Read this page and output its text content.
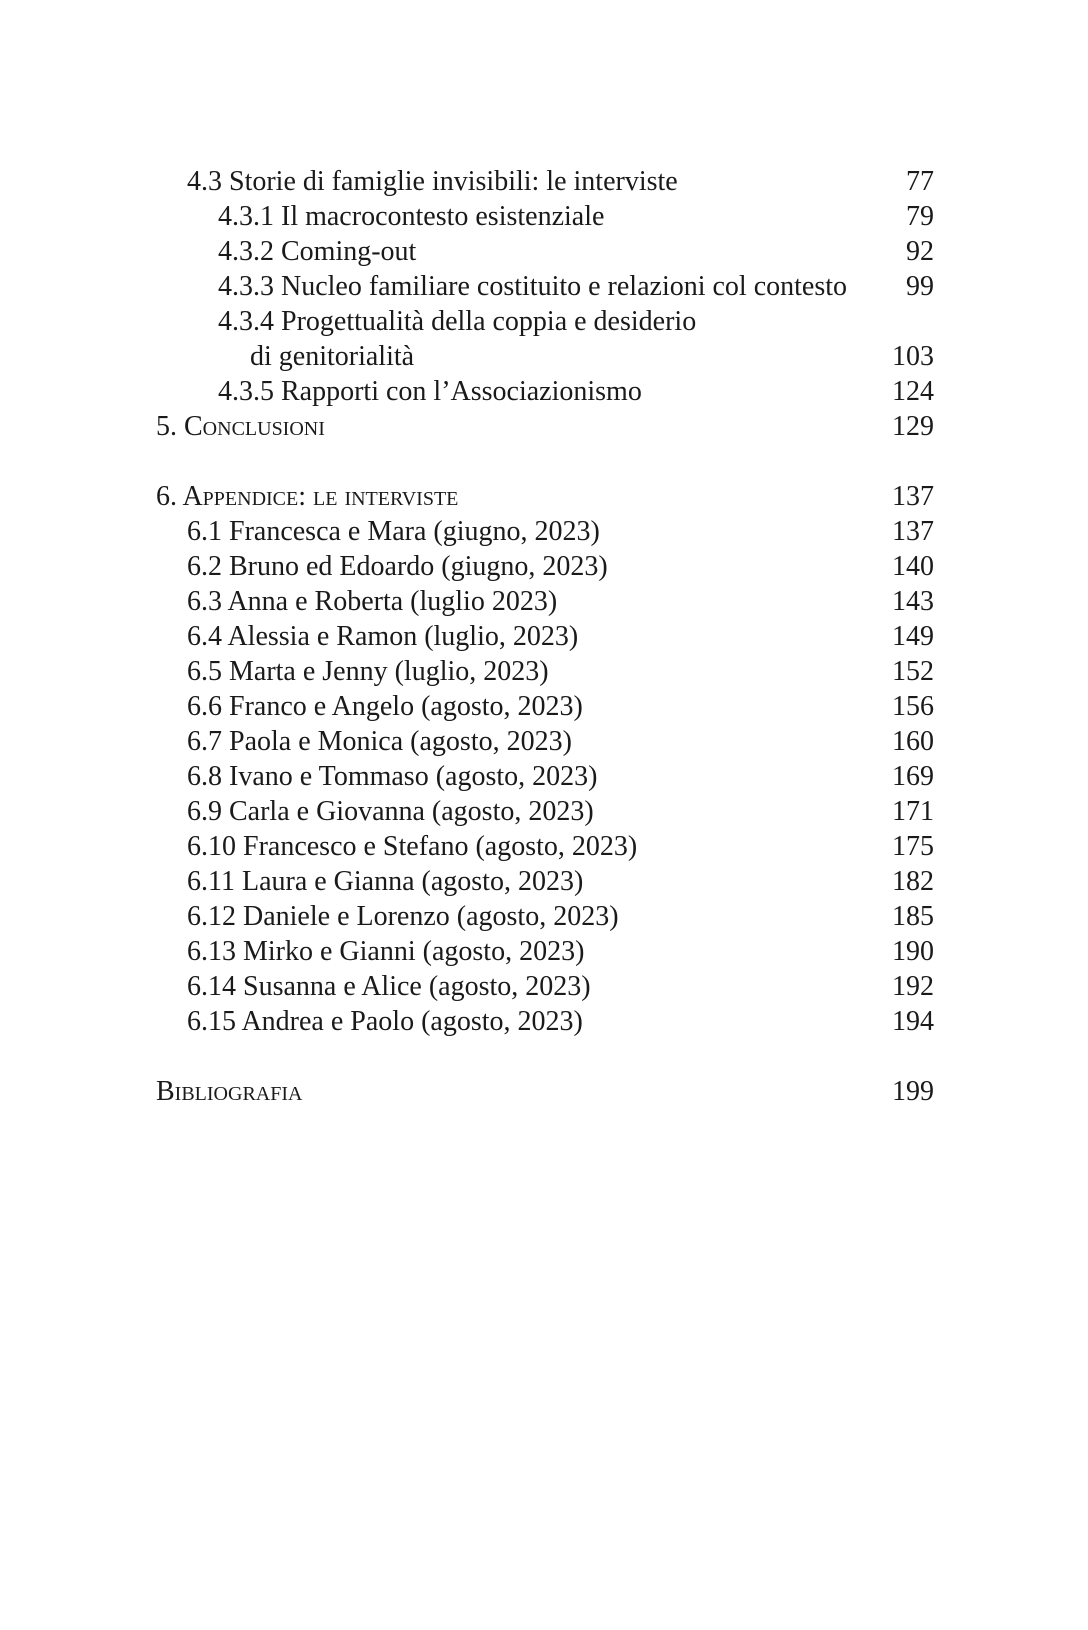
4.3 Storie di famiglie invisibili: le interviste	77
4.3.1 Il macrocontesto esistenziale	79
4.3.2 Coming-out	92
4.3.3 Nucleo familiare costituito e relazioni col contesto 99
4.3.4 Progettualità della coppia e desiderio
di genitorialità	103
4.3.5 Rapporti con l’Associazionismo	124
5. Conclusioni	129
6. Appendice: le interviste	137
6.1 Francesca e Mara (giugno, 2023)	137
6.2 Bruno ed Edoardo (giugno, 2023)	140
6.3 Anna e Roberta (luglio 2023)	143
6.4 Alessia e Ramon (luglio, 2023)	149
6.5 Marta e Jenny (luglio, 2023)	152
6.6 Franco e Angelo (agosto, 2023)	156
6.7 Paola e Monica (agosto, 2023)	160
6.8 Ivano e Tommaso (agosto, 2023)	169
6.9 Carla e Giovanna (agosto, 2023)	171
6.10 Francesco e Stefano (agosto, 2023)	175
6.11 Laura e Gianna (agosto, 2023)	182
6.12 Daniele e Lorenzo (agosto, 2023)	185
6.13 Mirko e Gianni (agosto, 2023)	190
6.14 Susanna e Alice (agosto, 2023)	192
6.15 Andrea e Paolo (agosto, 2023)	194
Bibliografia	199
